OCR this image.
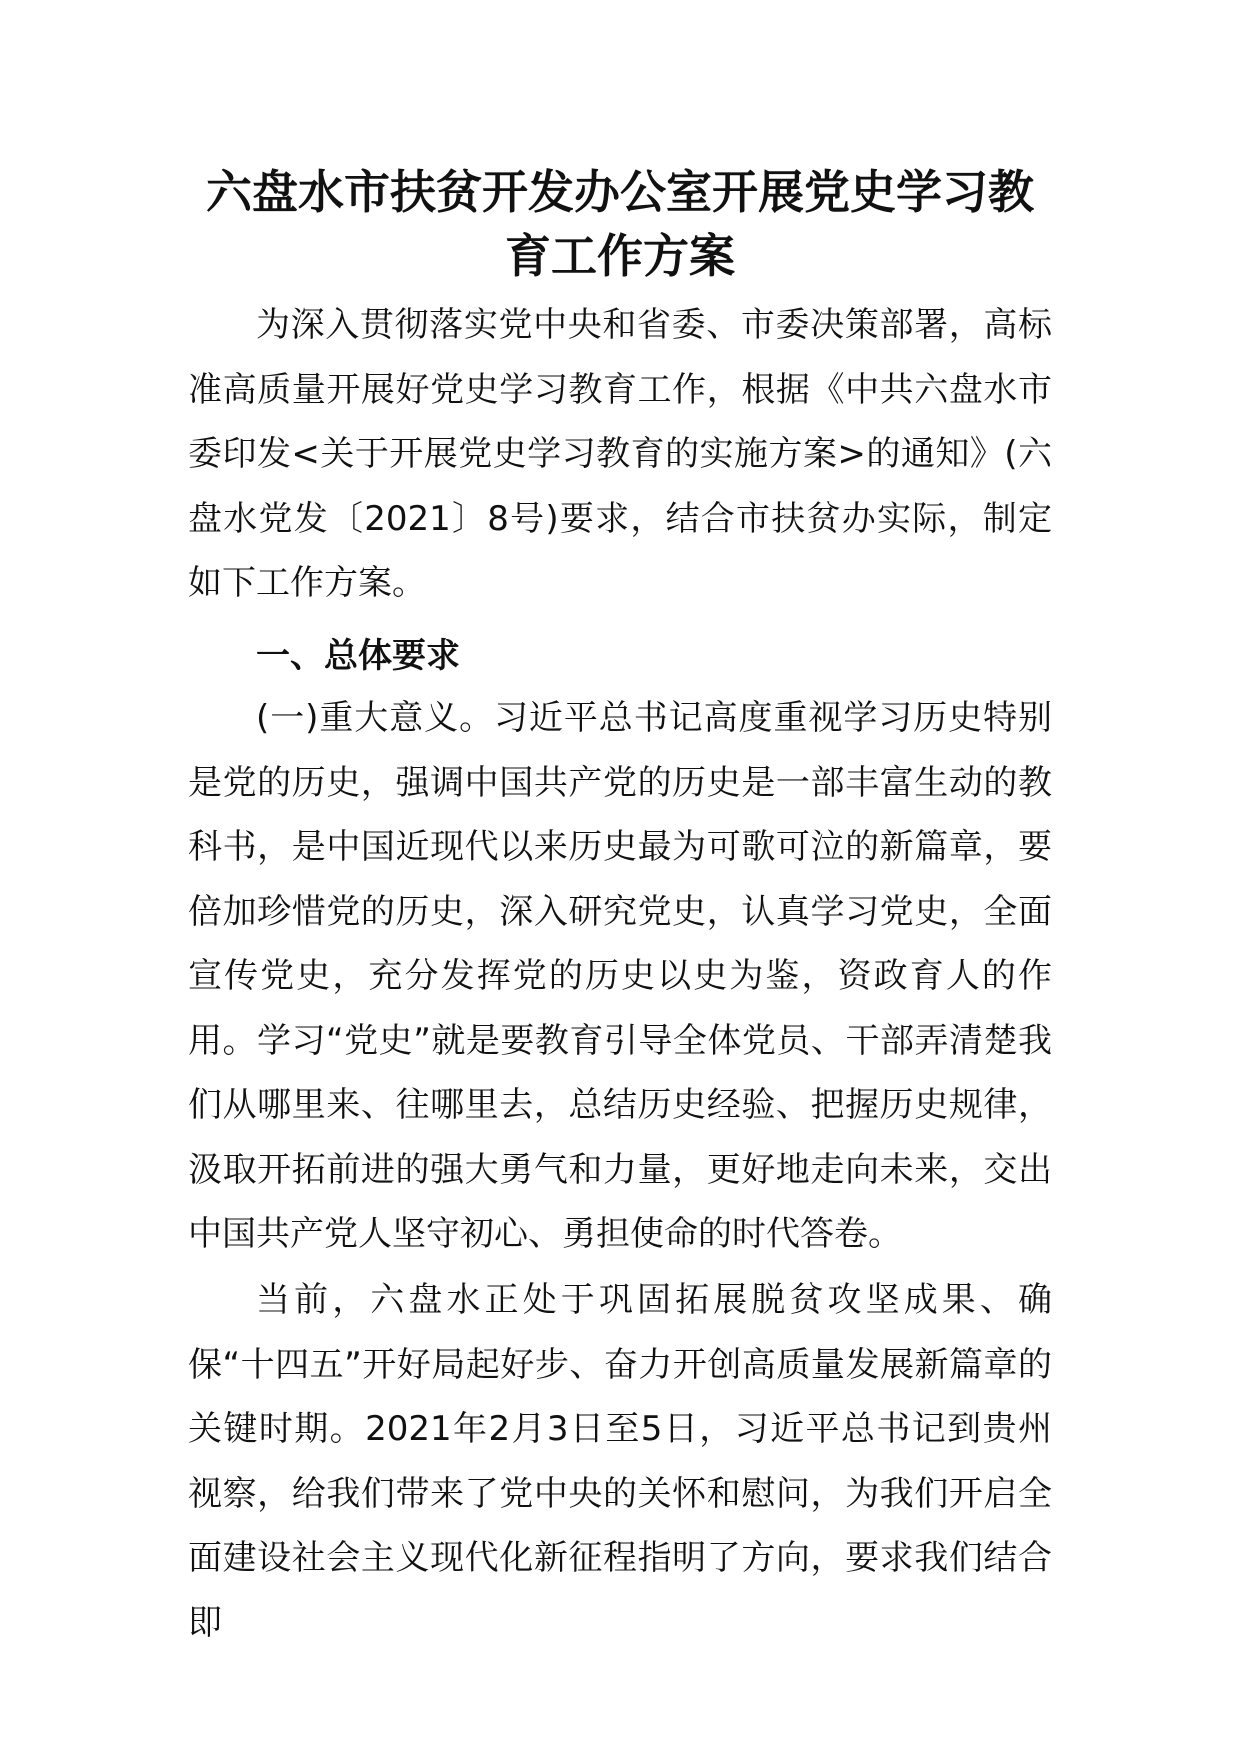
六盘水市扶贫开发办公室开展党史学习教育工作方案

为深入贯彻落实党中央和省委、市委决策部署，高标准高质量开展好党史学习教育工作，根据《中共六盘水市委印发<关于开展党史学习教育的实施方案>的通知》(六盘水党发〔2021〕8号)要求，结合市扶贫办实际，制定如下工作方案。

一、总体要求

(一)重大意义。习近平总书记高度重视学习历史特别是党的历史，强调中国共产党的历史是一部丰富生动的教科书，是中国近现代以来历史最为可歌可泣的新篇章，要倍加珍惜党的历史，深入研究党史，认真学习党史，全面宣传党史，充分发挥党的历史以史为鉴，资政育人的作用。学习“党史”就是要教育引导全体党员、干部弄清楚我们从哪里来、往哪里去，总结历史经验、把握历史规律，汲取开拓前进的强大勇气和力量，更好地走向未来，交出中国共产党人坚守初心、勇担使命的时代答卷。

当前，六盘水正处于巩固拓展脱贫攻坚成果、确保“十四五”开好局起好步、奋力开创高质量发展新篇章的关键时期。2021年2月3日至5日，习近平总书记到贵州视察，给我们带来了党中央的关怀和慰问，为我们开启全面建设社会主义现代化新征程指明了方向，要求我们结合即
